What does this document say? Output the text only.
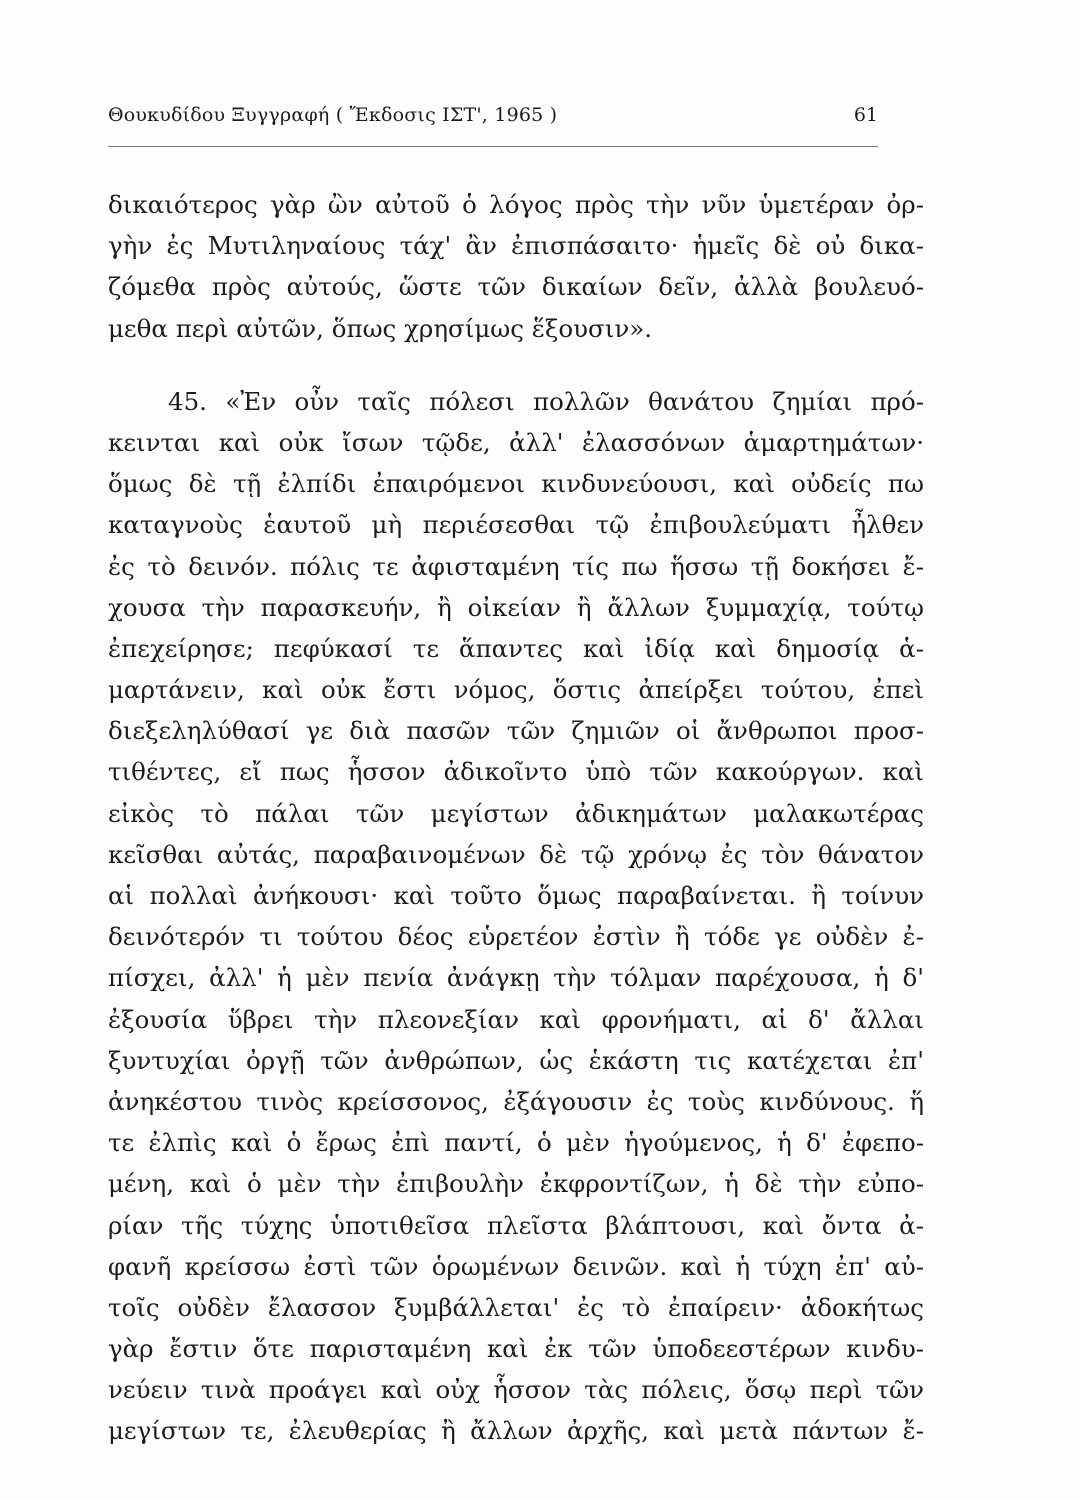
Θουκυδίδου Ξυγγραφή ( Ἔκδοσις ΙΣΤ', 1965 )	61
δικαιότερος γὰρ ὢν αὐτοῦ ὁ λόγος πρὸς τὴν νῦν ὑμετέραν ὀρ-
γὴν ἐς Μυτιληναίους τάχ' ἂν ἐπισπάσαιτο· ἡμεῖς δὲ οὐ δικα-
ζόμεθα πρὸς αὐτούς, ὥστε τῶν δικαίων δεῖν, ἀλλὰ βουλευό-
μεθα περὶ αὐτῶν, ὅπως χρησίμως ἕξουσιν».
45. «Ἐν οὖν ταῖς πόλεσι πολλῶν θανάτου ζημίαι πρό-
κεινται καὶ οὐκ ἴσων τῷδε, ἀλλ' ἐλασσόνων ἁμαρτημάτων·
ὅμως δὲ τῇ ἐλπίδι ἐπαιρόμενοι κινδυνεύουσι, καὶ οὐδείς πω
καταγνοὺς ἑαυτοῦ μὴ περιέσεσθαι τῷ ἐπιβουλεύματι ἦλθεν
ἐς τὸ δεινόν. πόλις τε ἀφισταμένη τίς πω ἥσσω τῇ δοκήσει ἔ-
χουσα τὴν παρασκευήν, ἢ οἰκείαν ἢ ἄλλων ξυμμαχίᾳ, τούτῳ
ἐπεχείρησε; πεφύκασί τε ἅπαντες καὶ ἰδίᾳ καὶ δημοσίᾳ ἁ-
μαρτάνειν, καὶ οὐκ ἔστι νόμος, ὅστις ἀπείρξει τούτου, ἐπεὶ
διεξεληλύθασί γε διὰ πασῶν τῶν ζημιῶν οἱ ἄνθρωποι προσ-
τιθέντες, εἴ πως ἧσσον ἀδικοῖντο ὑπὸ τῶν κακούργων. καὶ
εἰκὸς τὸ πάλαι τῶν μεγίστων ἀδικημάτων μαλακωτέρας
κεῖσθαι αὐτάς, παραβαινομένων δὲ τῷ χρόνῳ ἐς τὸν θάνατον
αἱ πολλαὶ ἀνήκουσι· καὶ τοῦτο ὅμως παραβαίνεται. ἢ τοίνυν
δεινότερόν τι τούτου δέος εὑρετέον ἐστὶν ἢ τόδε γε οὐδὲν ἐ-
πίσχει, ἀλλ' ἡ μὲν πενία ἀνάγκῃ τὴν τόλμαν παρέχουσα, ἡ δ'
ἐξουσία ὕβρει τὴν πλεονεξίαν καὶ φρονήματι, αἱ δ' ἄλλαι
ξυντυχίαι ὀργῇ τῶν ἀνθρώπων, ὡς ἑκάστη τις κατέχεται ἐπ'
ἀνηκέστου τινὸς κρείσσονος, ἐξάγουσιν ἐς τοὺς κινδύνους. ἥ
τε ἐλπὶς καὶ ὁ ἔρως ἐπὶ παντί, ὁ μὲν ἡγούμενος, ἡ δ' ἐφεπο-
μένη, καὶ ὁ μὲν τὴν ἐπιβουλὴν ἐκφροντίζων, ἡ δὲ τὴν εὐπο-
ρίαν τῆς τύχης ὑποτιθεῖσα πλεῖστα βλάπτουσι, καὶ ὄντα ἀ-
φανῆ κρείσσω ἐστὶ τῶν ὁρωμένων δεινῶν. καὶ ἡ τύχη ἐπ' αὐ-
τοῖς οὐδὲν ἔλασσον ξυμβάλλεται' ἐς τὸ ἐπαίρειν· ἀδοκήτως
γὰρ ἔστιν ὅτε παρισταμένη καὶ ἐκ τῶν ὑποδεεστέρων κινδυ-
νεύειν τινὰ προάγει καὶ οὐχ ἧσσον τὰς πόλεις, ὅσῳ περὶ τῶν
μεγίστων τε, ἐλευθερίας ἢ ἄλλων ἀρχῆς, καὶ μετὰ πάντων ἔ-
